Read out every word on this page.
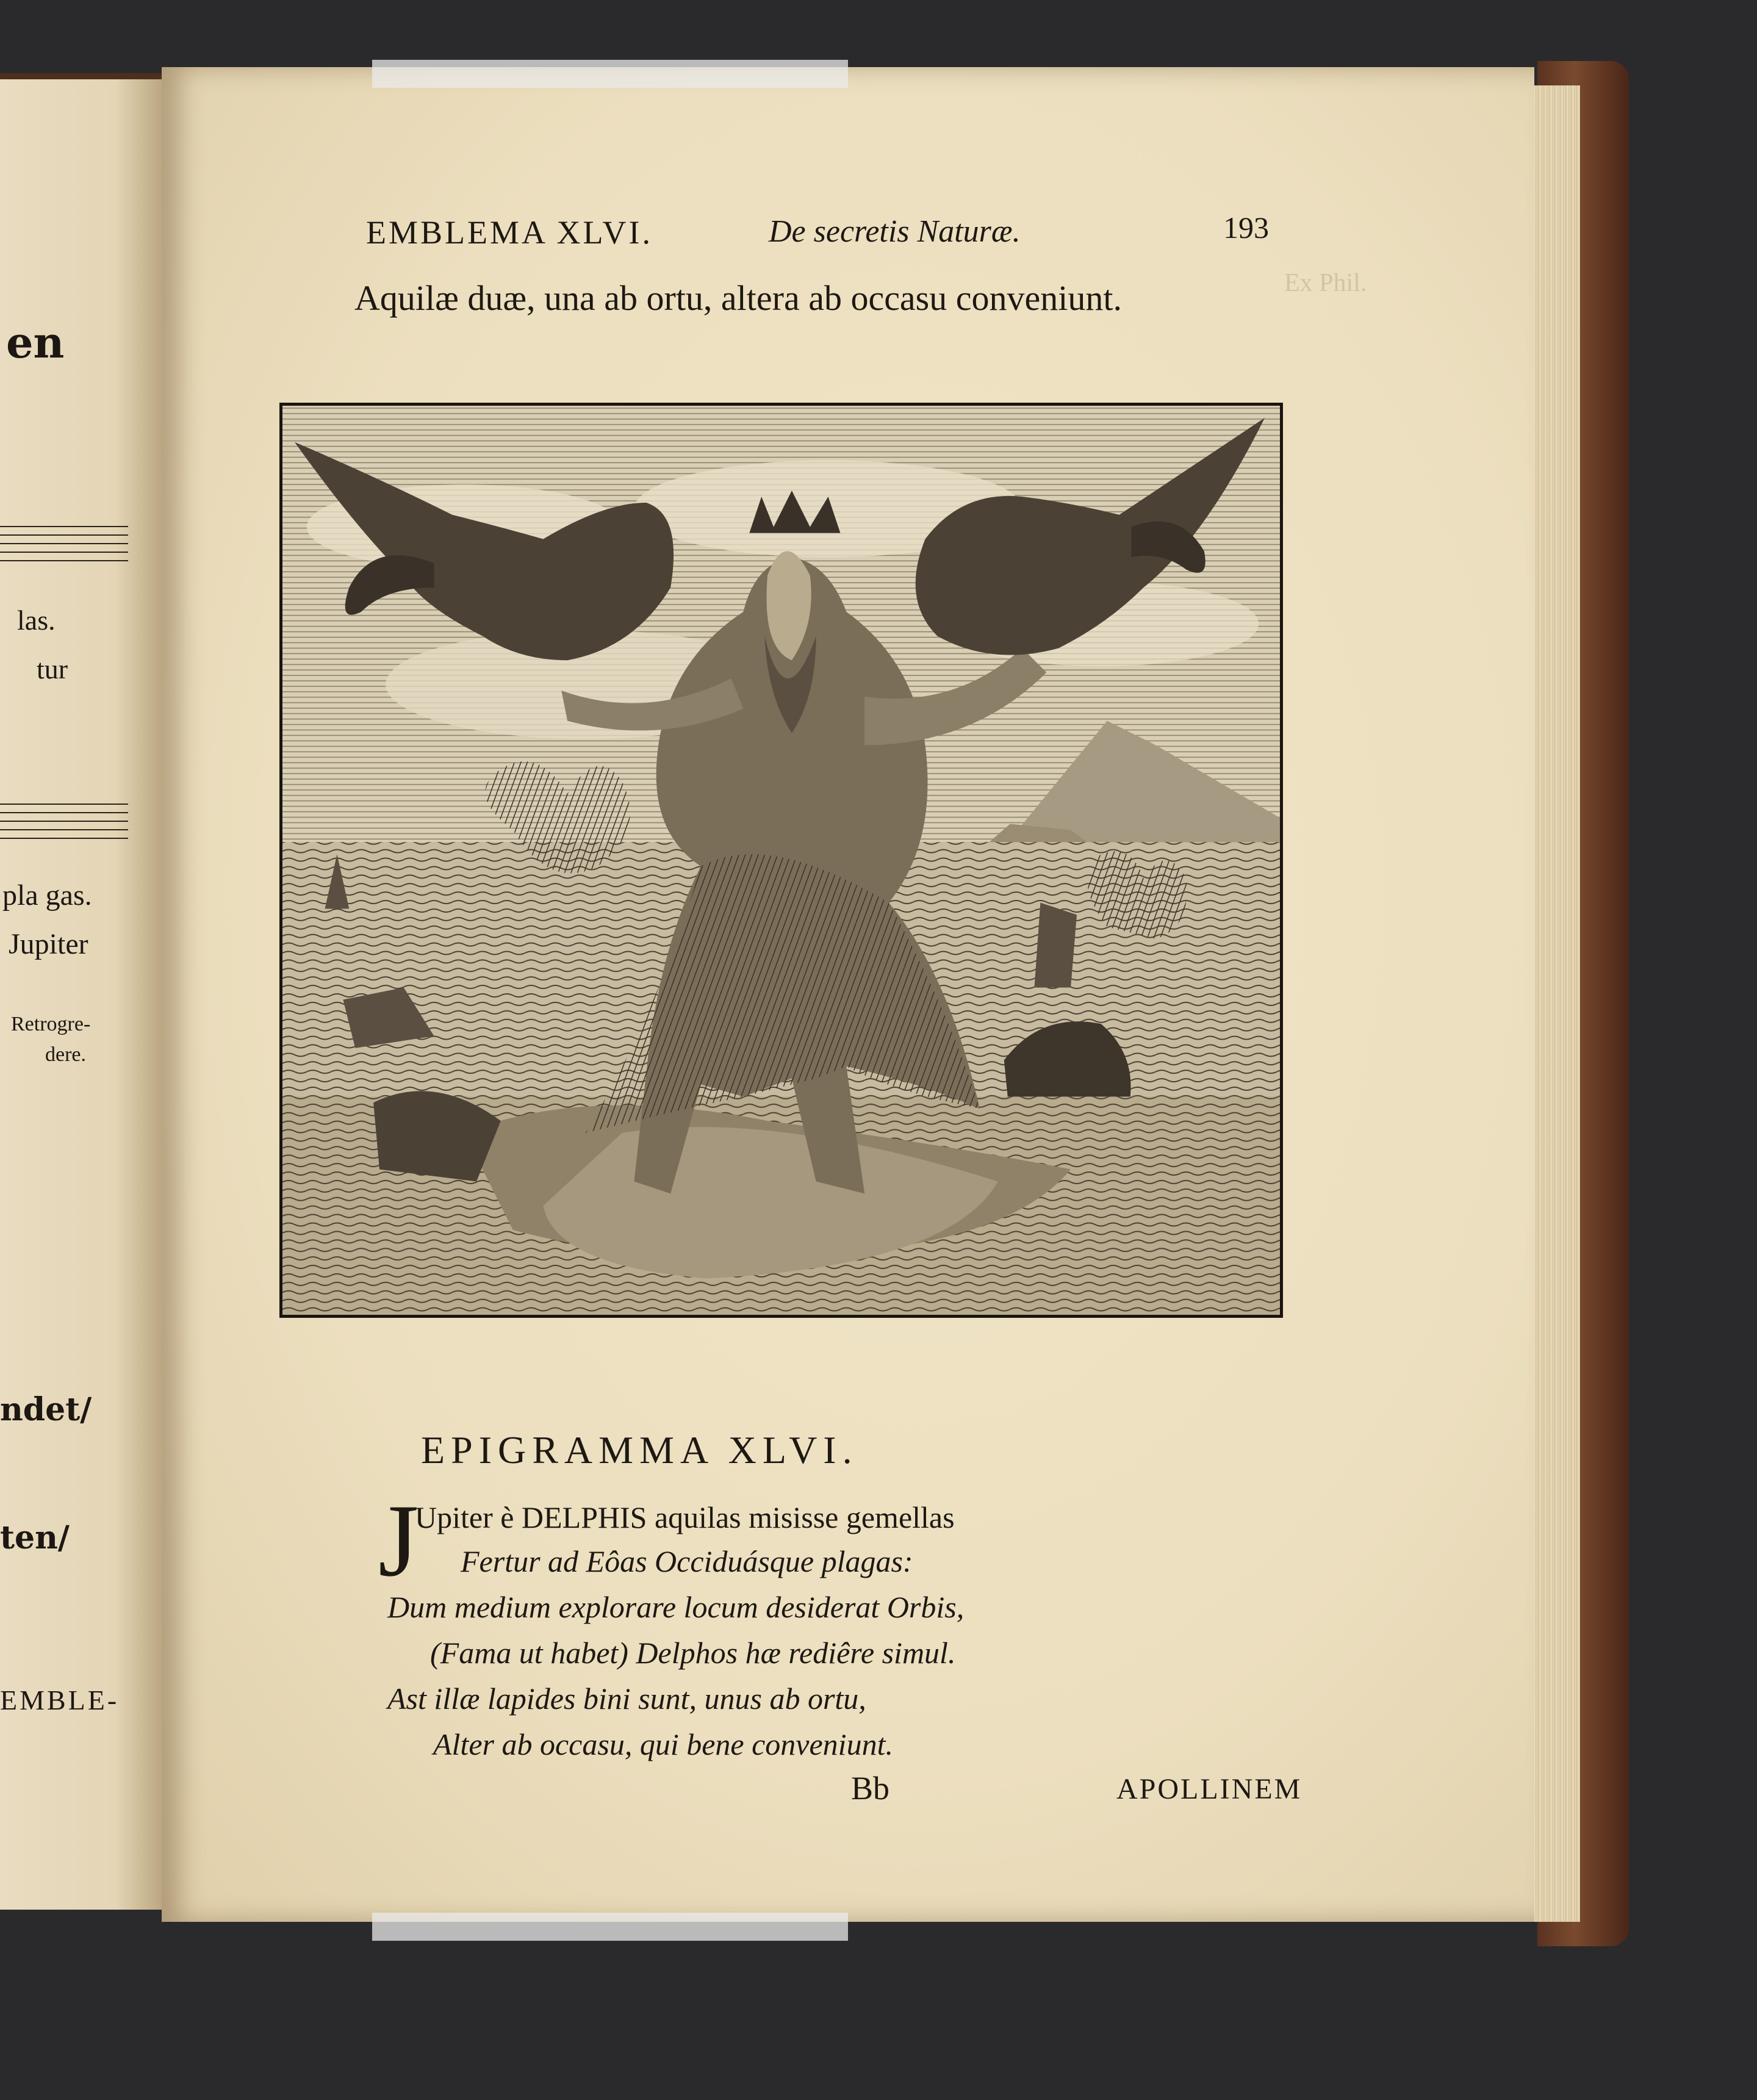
en
las.
tur
pla gas.
Jupiter
Retrogre-
dere.
ndet/
ten/
EMBLE-
Ex Phil.
EMBLEMA XLVI.	De secretis Naturæ.	193
Aquilæ duæ, una ab ortu, altera ab occasu conveniunt.
EPIGRAMMA XLVI.
J
Upiter è DELPHIS aquilas misisse gemellas
Fertur ad Eôas Occiduásque plagas:
Dum medium explorare locum desiderat Orbis,
(Fama ut habet) Delphos hæ rediêre simul.
Ast illæ lapides bini sunt, unus ab ortu,
Alter ab occasu, qui bene conveniunt.
Bb	APOLLINEM
